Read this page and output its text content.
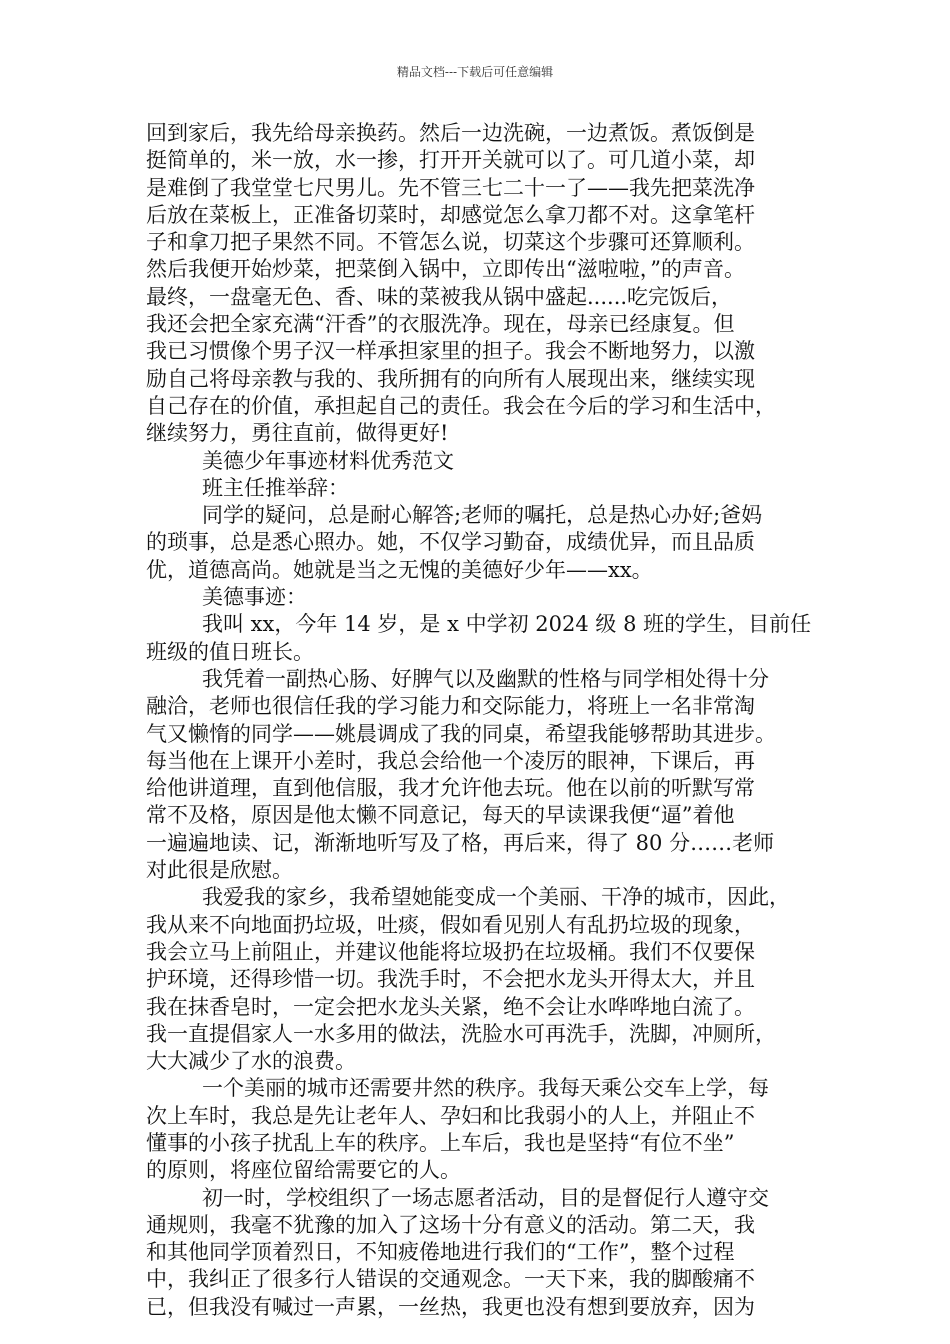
精品文档---下载后可任意编辑
回到家后，我先给母亲换药。然后一边洗碗，一边煮饭。煮饭倒是
挺简单的，米一放，水一掺，打开开关就可以了。可几道小菜，却
是难倒了我堂堂七尺男儿。先不管三七二十一了——我先把菜洗净
后放在菜板上，正准备切菜时，却感觉怎么拿刀都不对。这拿笔杆
子和拿刀把子果然不同。不管怎么说，切菜这个步骤可还算顺利。
然后我便开始炒菜，把菜倒入锅中，立即传出“滋啦啦，”的声音。
最终，一盘毫无色、香、味的菜被我从锅中盛起......吃完饭后，
我还会把全家充满“汗香”的衣服洗净。现在，母亲已经康复。但
我已习惯像个男子汉一样承担家里的担子。我会不断地努力，以激
励自己将母亲教与我的、我所拥有的向所有人展现出来，继续实现
自己存在的价值，承担起自己的责任。我会在今后的学习和生活中，
继续努力，勇往直前，做得更好!
美德少年事迹材料优秀范文
班主任推举辞：
同学的疑问，总是耐心解答;老师的嘱托，总是热心办好;爸妈
的琐事，总是悉心照办。她，不仅学习勤奋，成绩优异，而且品质
优，道德高尚。她就是当之无愧的美德好少年——xx。
美德事迹：
我叫 xx，今年 14 岁，是 x 中学初 2024 级 8 班的学生，目前任
班级的值日班长。
我凭着一副热心肠、好脾气以及幽默的性格与同学相处得十分
融洽，老师也很信任我的学习能力和交际能力，将班上一名非常淘
气又懒惰的同学——姚晨调成了我的同桌，希望我能够帮助其进步。
每当他在上课开小差时，我总会给他一个凌厉的眼神，下课后，再
给他讲道理，直到他信服，我才允许他去玩。他在以前的听默写常
常不及格，原因是他太懒不同意记，每天的早读课我便“逼”着他
一遍遍地读、记，渐渐地听写及了格，再后来，得了 80 分……老师
对此很是欣慰。
我爱我的家乡，我希望她能变成一个美丽、干净的城市，因此，
我从来不向地面扔垃圾，吐痰，假如看见别人有乱扔垃圾的现象，
我会立马上前阻止，并建议他能将垃圾扔在垃圾桶。我们不仅要保
护环境，还得珍惜一切。我洗手时，不会把水龙头开得太大，并且
我在抹香皂时，一定会把水龙头关紧，绝不会让水哗哗地白流了。
我一直提倡家人一水多用的做法，洗脸水可再洗手，洗脚，冲厕所，
大大减少了水的浪费。
一个美丽的城市还需要井然的秩序。我每天乘公交车上学，每
次上车时，我总是先让老年人、孕妇和比我弱小的人上，并阻止不
懂事的小孩子扰乱上车的秩序。上车后，我也是坚持“有位不坐”
的原则，将座位留给需要它的人。
初一时，学校组织了一场志愿者活动，目的是督促行人遵守交
通规则，我毫不犹豫的加入了这场十分有意义的活动。第二天，我
和其他同学顶着烈日，不知疲倦地进行我们的“工作”，整个过程
中，我纠正了很多行人错误的交通观念。一天下来，我的脚酸痛不
已，但我没有喊过一声累，一丝热，我更也没有想到要放弃，因为
